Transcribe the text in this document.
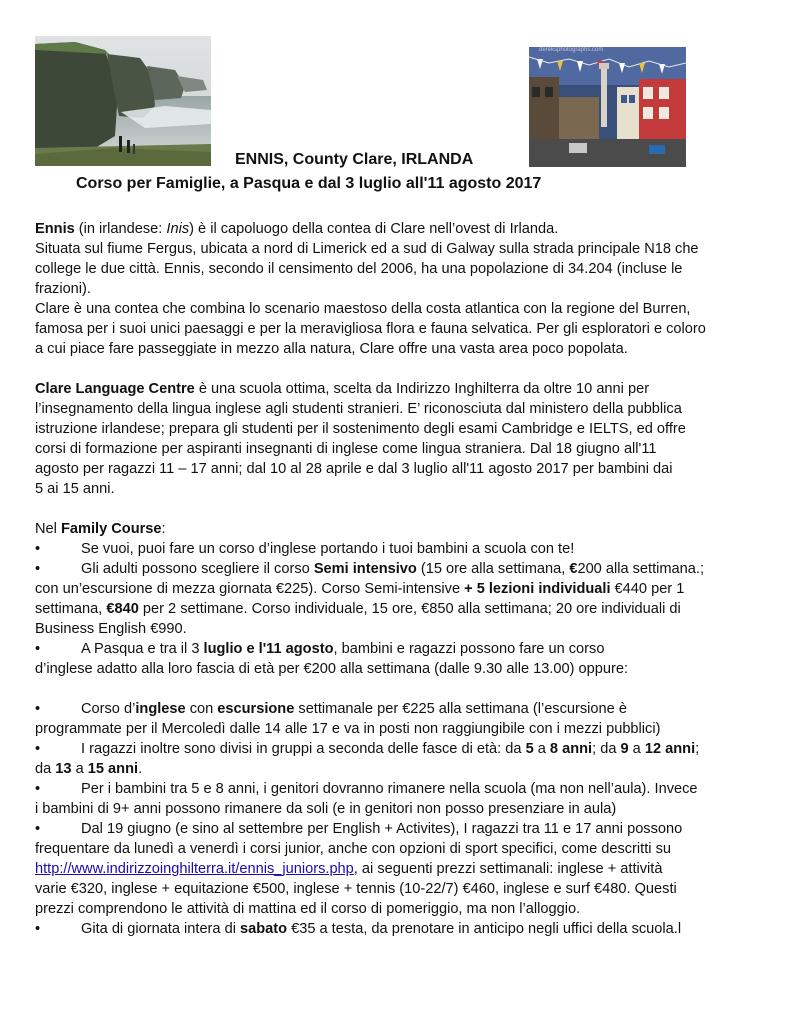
dereksphotographs.com
ENNIS, County Clare, IRLANDA
Corso per Famiglie, a Pasqua e dal 3 luglio all'11 agosto 2017
Ennis (in irlandese: Inis) è il capoluogo della contea di Clare nell’ovest di Irlanda.
Situata sul fiume Fergus, ubicata a nord di Limerick ed a sud di Galway sulla strada principale N18 che
college le due città. Ennis, secondo il censimento del 2006, ha una popolazione di 34.204 (incluse le
frazioni).
Clare è una contea che combina lo scenario maestoso della costa atlantica con la regione del Burren,
famosa per i suoi unici paesaggi e per la meravigliosa flora e fauna selvatica. Per gli esploratori e coloro
a cui piace fare passeggiate in mezzo alla natura, Clare offre una vasta area poco popolata.
Clare Language Centre è una scuola ottima, scelta da Indirizzo Inghilterra da oltre 10 anni per
l’insegnamento della lingua inglese agli studenti stranieri. E’ riconosciuta dal ministero della pubblica
istruzione irlandese; prepara gli studenti per il sostenimento degli esami Cambridge e IELTS, ed offre
corsi di formazione per aspiranti insegnanti di inglese come lingua straniera. Dal 18 giugno all'11
agosto per ragazzi 11 – 17 anni; dal 10 al 28 aprile e dal 3 luglio all'11 agosto 2017 per bambini dai
5 ai 15 anni.
Nel Family Course:
•	Se vuoi, puoi fare un corso d’inglese portando i tuoi bambini a scuola con te!
•	Gli adulti possono scegliere il corso Semi intensivo (15 ore alla settimana, €200 alla settimana.;
con un’escursione di mezza giornata €225). Corso Semi-intensive + 5 lezioni individuali €440 per 1
settimana, €840 per 2 settimane. Corso individuale, 15 ore, €850 alla settimana; 20 ore individuali di
Business English €990.
•	A Pasqua e tra il 3 luglio e l'11 agosto, bambini e ragazzi possono fare un corso
d’inglese adatto alla loro fascia di età per €200 alla settimana (dalle 9.30 alle 13.00) oppure:

•	Corso d’inglese con escursione settimanale per €225 alla settimana (l’escursione è
programmate per il Mercoledì dalle 14 alle 17 e va in posti non raggiungibile con i mezzi pubblici)
•	I ragazzi inoltre sono divisi in gruppi a seconda delle fasce di età: da 5 a 8 anni; da 9 a 12 anni;
da 13 a 15 anni.
•	Per i bambini tra 5 e 8 anni, i genitori dovranno rimanere nella scuola (ma non nell’aula). Invece
i bambini di 9+ anni possono rimanere da soli (e in genitori non posso presenziare in aula)
•	Dal 19 giugno (e sino al settembre per English + Activites), I ragazzi tra 11 e 17 anni possono
frequentare da lunedì a venerdì i corsi junior, anche con opzioni di sport specifici, come descritti su
http://www.indirizzoinghilterra.it/ennis_juniors.php, ai seguenti prezzi settimanali: inglese + attività
varie €320, inglese + equitazione €500, inglese + tennis (10-22/7) €460, inglese e surf €480. Questi
prezzi comprendono le attività di mattina ed il corso di pomeriggio, ma non l’alloggio.
•	Gita di giornata intera di sabato €35 a testa, da prenotare in anticipo negli uffici della scuola.l
